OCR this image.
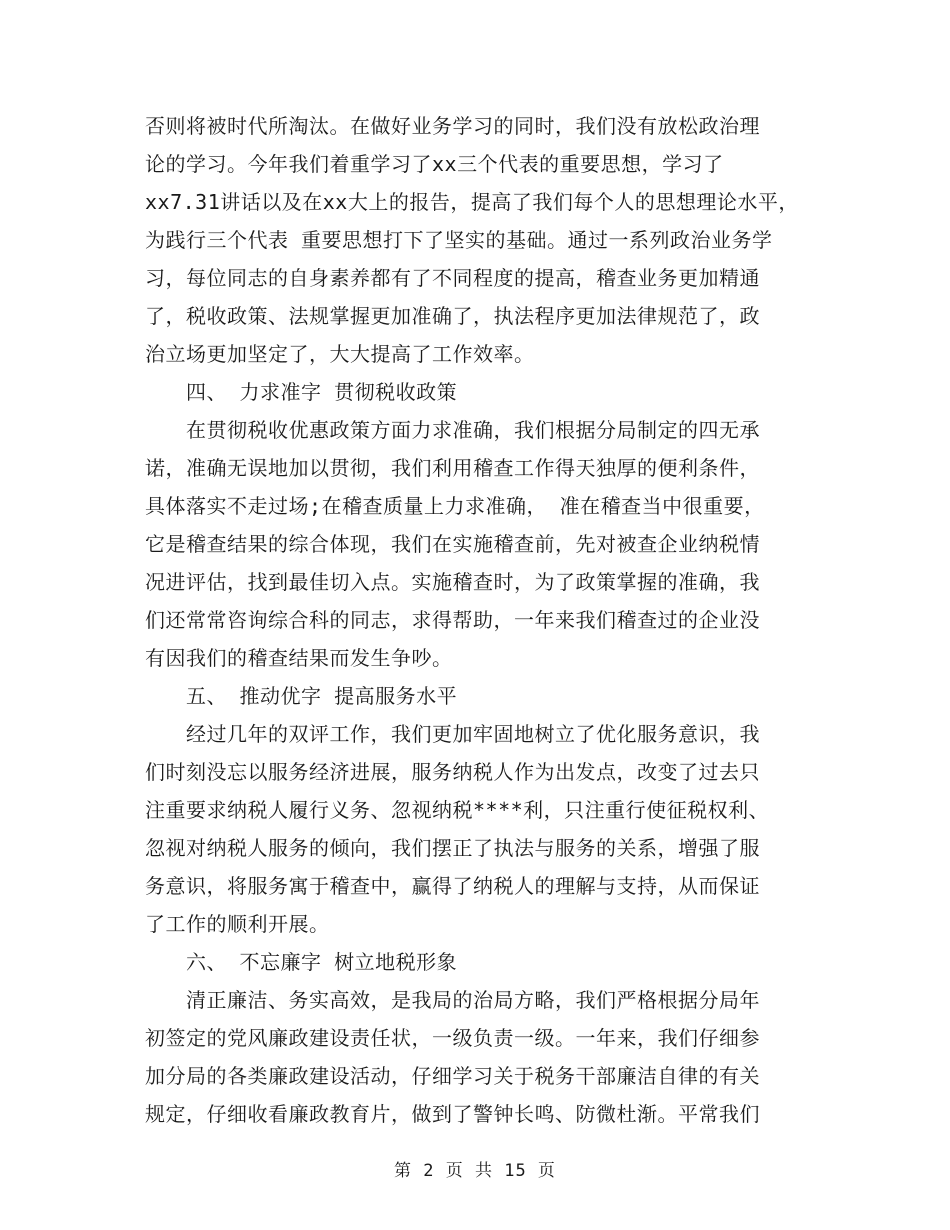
否则将被时代所淘汰。在做好业务学习的同时，我们没有放松政治理
论的学习。今年我们着重学习了xx三个代表的重要思想，学习了
xx7.31讲话以及在xx大上的报告，提高了我们每个人的思想理论水平，
为践行三个代表 重要思想打下了坚实的基础。通过一系列政治业务学
习，每位同志的自身素养都有了不同程度的提高，稽查业务更加精通
了，税收政策、法规掌握更加准确了，执法程序更加法律规范了，政
治立场更加坚定了，大大提高了工作效率。
四、 力求准字 贯彻税收政策
在贯彻税收优惠政策方面力求准确，我们根据分局制定的四无承
诺，准确无误地加以贯彻，我们利用稽查工作得天独厚的便利条件，
具体落实不走过场;在稽查质量上力求准确， 准在稽查当中很重要，
它是稽查结果的综合体现，我们在实施稽查前，先对被查企业纳税情
况进评估，找到最佳切入点。实施稽查时，为了政策掌握的准确，我
们还常常咨询综合科的同志，求得帮助，一年来我们稽查过的企业没
有因我们的稽查结果而发生争吵。
五、 推动优字 提高服务水平
经过几年的双评工作，我们更加牢固地树立了优化服务意识，我
们时刻没忘以服务经济进展，服务纳税人作为出发点，改变了过去只
注重要求纳税人履行义务、忽视纳税****利，只注重行使征税权利、
忽视对纳税人服务的倾向，我们摆正了执法与服务的关系，增强了服
务意识，将服务寓于稽查中，赢得了纳税人的理解与支持，从而保证
了工作的顺利开展。
六、 不忘廉字 树立地税形象
清正廉洁、务实高效，是我局的治局方略，我们严格根据分局年
初签定的党风廉政建设责任状，一级负责一级。一年来，我们仔细参
加分局的各类廉政建设活动，仔细学习关于税务干部廉洁自律的有关
规定，仔细收看廉政教育片，做到了警钟长鸣、防微杜渐。平常我们
第 2 页 共 15 页
